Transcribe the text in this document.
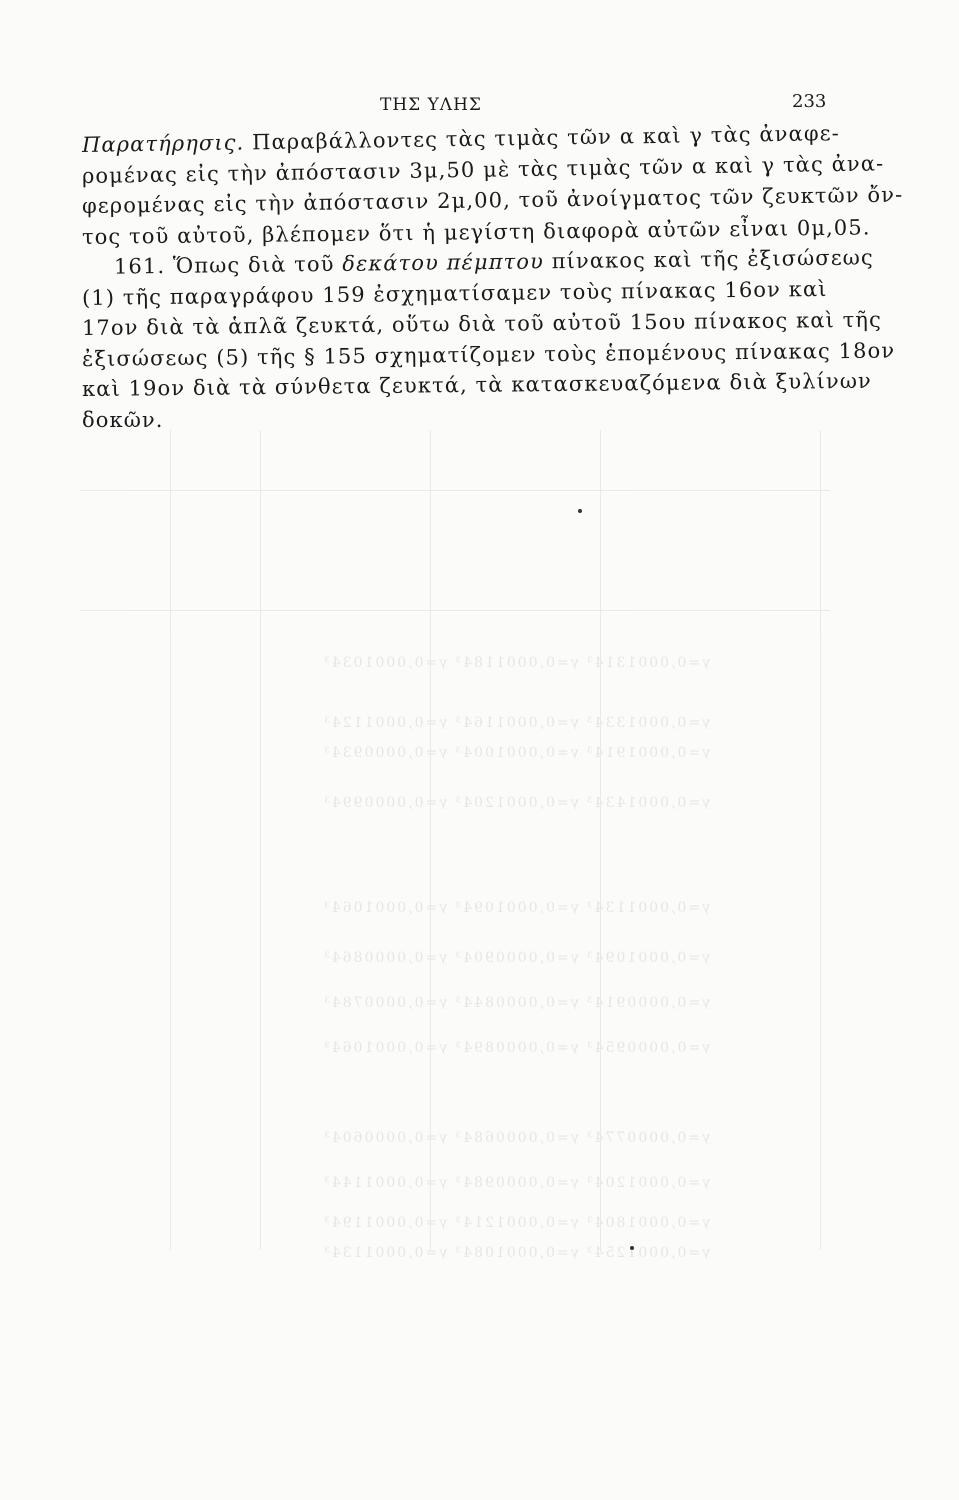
y=0,0001314³ y=0,0001184³ y=0,0001034³
y=0,0001334³ y=0,0001164³ y=0,0001124³
y=0,0001914³ y=0,0001004³ y=0,0000934³
y=0,0001434³ y=0,0001204³ y=0,0000994³
y=0,0001134³ y=0,0001094³ y=0,0001064³
y=0,0001094³ y=0,0000904³ y=0,0000864³
y=0,0000914³ y=0,0000844³ y=0,0000784³
y=0,0000954³ y=0,0000894³ y=0,0001064³
y=0,0000774³ y=0,0000684³ y=0,0000604³
y=0,0001204³ y=0,0000984³ y=0,0001144³
y=0,0001804³ y=0,0001214³ y=0,0001194³
y=0,0001254³ y=0,0001084³ y=0,0001134³
ΤΗΣ ΥΛΗΣ	233
Παρατήρησις. Παραβάλλοντες τὰς τιμὰς τῶν α καὶ γ τὰς ἀναφε-
ρομένας εἰς τὴν ἀπόστασιν 3μ,50 μὲ τὰς τιμὰς τῶν α καὶ γ τὰς ἀνα-
φερομένας εἰς τὴν ἀπόστασιν 2μ,00, τοῦ ἀνοίγματος τῶν ζευκτῶν ὄν-
τος τοῦ αὐτοῦ, βλέπομεν ὅτι ἡ μεγίστη διαφορὰ αὐτῶν εἶναι 0μ,05.
161. Ὅπως διὰ τοῦ δεκάτου πέμπτου πίνακος καὶ τῆς ἐξισώσεως
(1) τῆς παραγράφου 159 ἐσχηματίσαμεν τοὺς πίνακας 16ον καὶ
17ον διὰ τὰ ἁπλᾶ ζευκτά, οὕτω διὰ τοῦ αὐτοῦ 15ου πίνακος καὶ τῆς
ἐξισώσεως (5) τῆς § 155 σχηματίζομεν τοὺς ἑπομένους πίνακας 18ον
καὶ 19ον διὰ τὰ σύνθετα ζευκτά, τὰ κατασκευαζόμενα διὰ ξυλίνων
δοκῶν.
